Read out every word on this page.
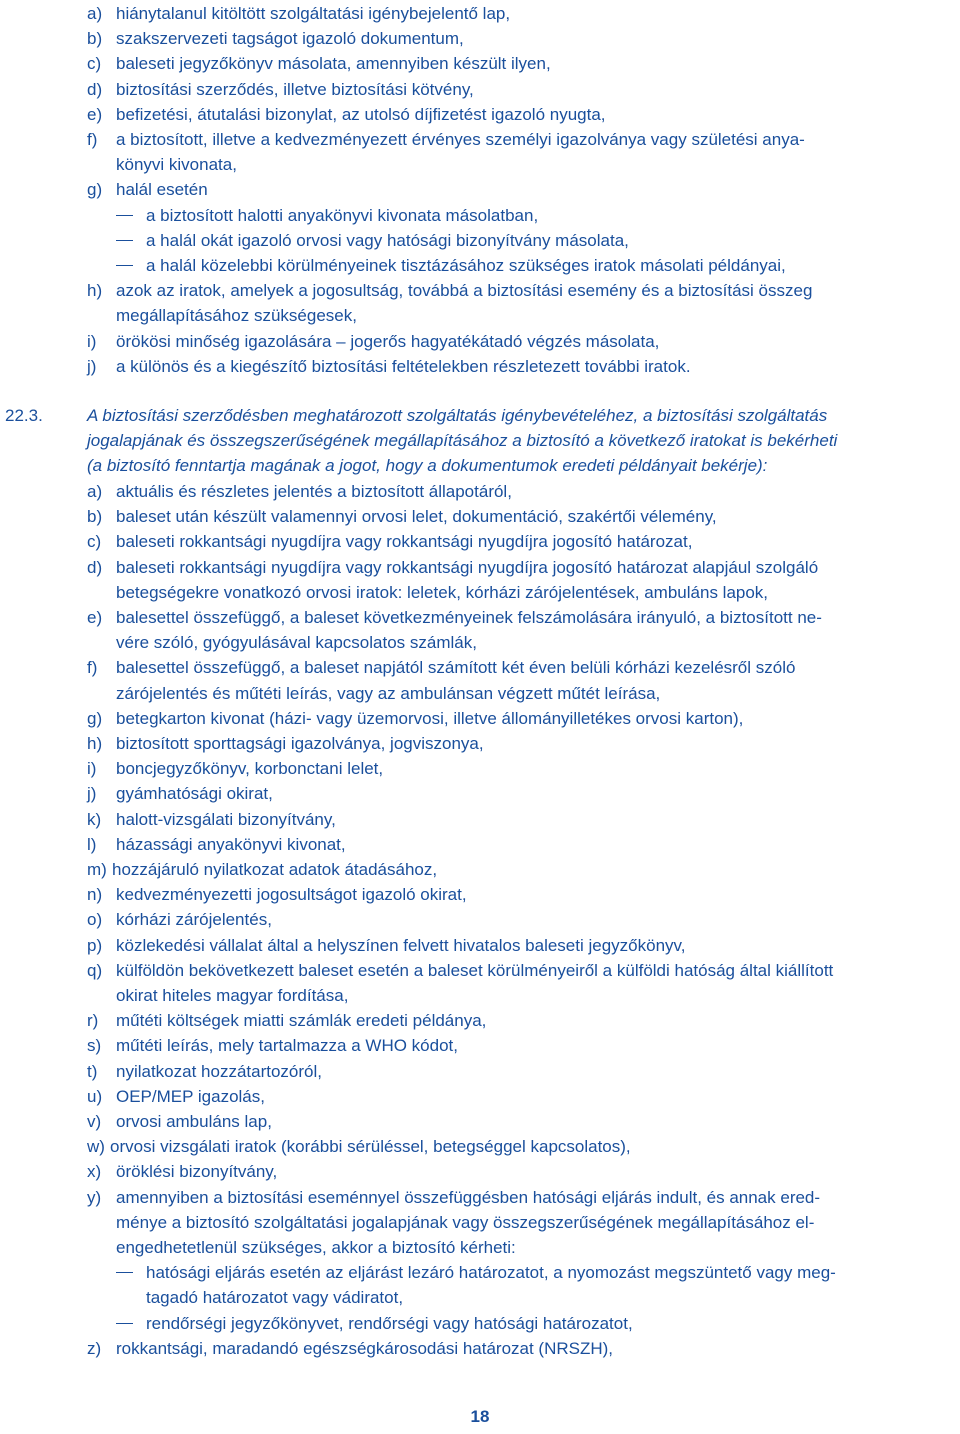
a) hiánytalanul kitöltött szolgáltatási igénybejelentő lap,
b) szakszervezeti tagságot igazoló dokumentum,
c) baleseti jegyzőkönyv másolata, amennyiben készült ilyen,
d) biztosítási szerződés, illetve biztosítási kötvény,
e) befizetési, átutalási bizonylat, az utolsó díjfizetést igazoló nyugta,
f) a biztosított, illetve a kedvezményezett érvényes személyi igazolványa vagy születési anya-
könyvi kivonata,
g) halál esetén
a biztosított halotti anyakönyvi kivonata másolatban,
a halál okát igazoló orvosi vagy hatósági bizonyítvány másolata,
a halál közelebbi körülményeinek tisztázásához szükséges iratok másolati példányai,
h) azok az iratok, amelyek a jogosultság, továbbá a biztosítási esemény és a biztosítási összeg
megállapításához szükségesek,
i) örökösi minőség igazolására – jogerős hagyatékátadó végzés másolata,
j) a különös és a kiegészítő biztosítási feltételekben részletezett további iratok.
22.3.	A biztosítási szerződésben meghatározott szolgáltatás igénybevételéhez, a biztosítási szolgáltatás
jogalapjának és összegszerűségének megállapításához a biztosító a következő iratokat is bekérheti
(a biztosító fenntartja magának a jogot, hogy a dokumentumok eredeti példányait bekérje):
a) aktuális és részletes jelentés a biztosított állapotáról,
b) baleset után készült valamennyi orvosi lelet, dokumentáció, szakértői vélemény,
c) baleseti rokkantsági nyugdíjra vagy rokkantsági nyugdíjra jogosító határozat,
d) baleseti rokkantsági nyugdíjra vagy rokkantsági nyugdíjra jogosító határozat alapjául szolgáló
betegségekre vonatkozó orvosi iratok: leletek, kórházi zárójelentések, ambuláns lapok,
e) balesettel összefüggő, a baleset következményeinek felszámolására irányuló, a biztosított ne-
vére szóló, gyógyulásával kapcsolatos számlák,
f) balesettel összefüggő, a baleset napjától számított két éven belüli kórházi kezelésről szóló
zárójelentés és műtéti leírás, vagy az ambulánsan végzett műtét leírása,
g) betegkarton kivonat (házi- vagy üzemorvosi, illetve állományilletékes orvosi karton),
h) biztosított sporttagsági igazolványa, jogviszonya,
i) boncjegyzőkönyv, korbonctani lelet,
j) gyámhatósági okirat,
k) halott-vizsgálati bizonyítvány,
l) házassági anyakönyvi kivonat,
m) hozzájáruló nyilatkozat adatok átadásához,
n) kedvezményezetti jogosultságot igazoló okirat,
o) kórházi zárójelentés,
p) közlekedési vállalat által a helyszínen felvett hivatalos baleseti jegyzőkönyv,
q) külföldön bekövetkezett baleset esetén a baleset körülményeiről a külföldi hatóság által kiállított
okirat hiteles magyar fordítása,
r) műtéti költségek miatti számlák eredeti példánya,
s) műtéti leírás, mely tartalmazza a WHO kódot,
t) nyilatkozat hozzátartozóról,
u) OEP/MEP igazolás,
v) orvosi ambuláns lap,
w) orvosi vizsgálati iratok (korábbi sérüléssel, betegséggel kapcsolatos),
x) öröklési bizonyítvány,
y) amennyiben a biztosítási eseménnyel összefüggésben hatósági eljárás indult, és annak ered-
ménye a biztosító szolgáltatási jogalapjának vagy összegszerűségének megállapításához el-
engedhetetlenül szükséges, akkor a biztosító kérheti:
hatósági eljárás esetén az eljárást lezáró határozatot, a nyomozást megszüntető vagy meg-
tagadó határozatot vagy vádiratot,
rendőrségi jegyzőkönyvet, rendőrségi vagy hatósági határozatot,
z) rokkantsági, maradandó egészségkárosodási határozat (NRSZH),
18
